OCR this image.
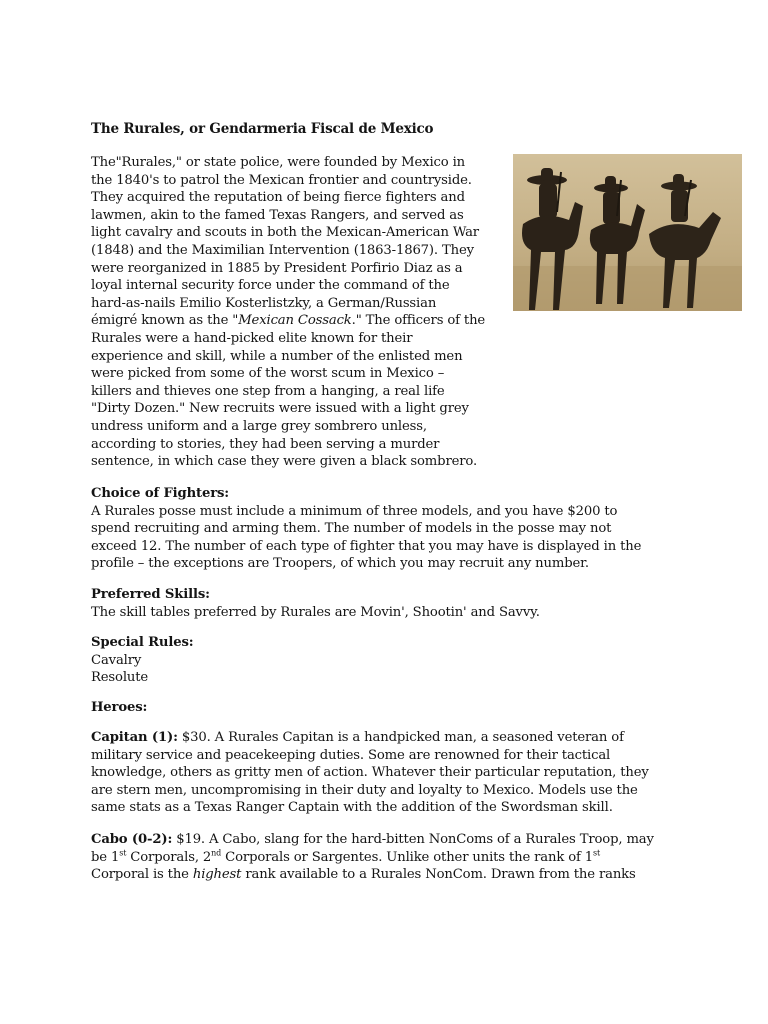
The Rurales, or Gendarmeria Fiscal de Mexico
The"Rurales," or state police, were founded by Mexico in
the 1840's to patrol the Mexican frontier and countryside.
They acquired the reputation of being fierce fighters and
lawmen, akin to the famed Texas Rangers, and served as
light cavalry and scouts in both the Mexican-American War
(1848) and the Maximilian Intervention (1863-1867). They
were reorganized in 1885 by President Porfirio Diaz as a
loyal internal security force under the command of the
hard-as-nails Emilio Kosterlistzky, a German/Russian
émigré known as the "Mexican Cossack." The officers of the
Rurales were a hand-picked elite known for their
experience and skill, while a number of the enlisted men
were picked from some of the worst scum in Mexico –
killers and thieves one step from a hanging, a real life
"Dirty Dozen." New recruits were issued with a light grey
undress uniform and a large grey sombrero unless,
according to stories, they had been serving a murder
sentence, in which case they were given a black sombrero.
Choice of Fighters:
A Rurales posse must include a minimum of three models, and you have $200 to
spend recruiting and arming them. The number of models in the posse may not
exceed 12. The number of each type of fighter that you may have is displayed in the
profile – the exceptions are Troopers, of which you may recruit any number.
Preferred Skills:
The skill tables preferred by Rurales are Movin', Shootin' and Savvy.
Special Rules:
Cavalry
Resolute
Heroes:
Capitan (1): $30. A Rurales Capitan is a handpicked man, a seasoned veteran of
military service and peacekeeping duties. Some are renowned for their tactical
knowledge, others as gritty men of action. Whatever their particular reputation, they
are stern men, uncompromising in their duty and loyalty to Mexico. Models use the
same stats as a Texas Ranger Captain with the addition of the Swordsman skill.
Cabo (0-2): $19. A Cabo, slang for the hard-bitten NonComs of a Rurales Troop, may
be 1st Corporals, 2nd Corporals or Sargentes. Unlike other units the rank of 1st
Corporal is the highest rank available to a Rurales NonCom. Drawn from the ranks
